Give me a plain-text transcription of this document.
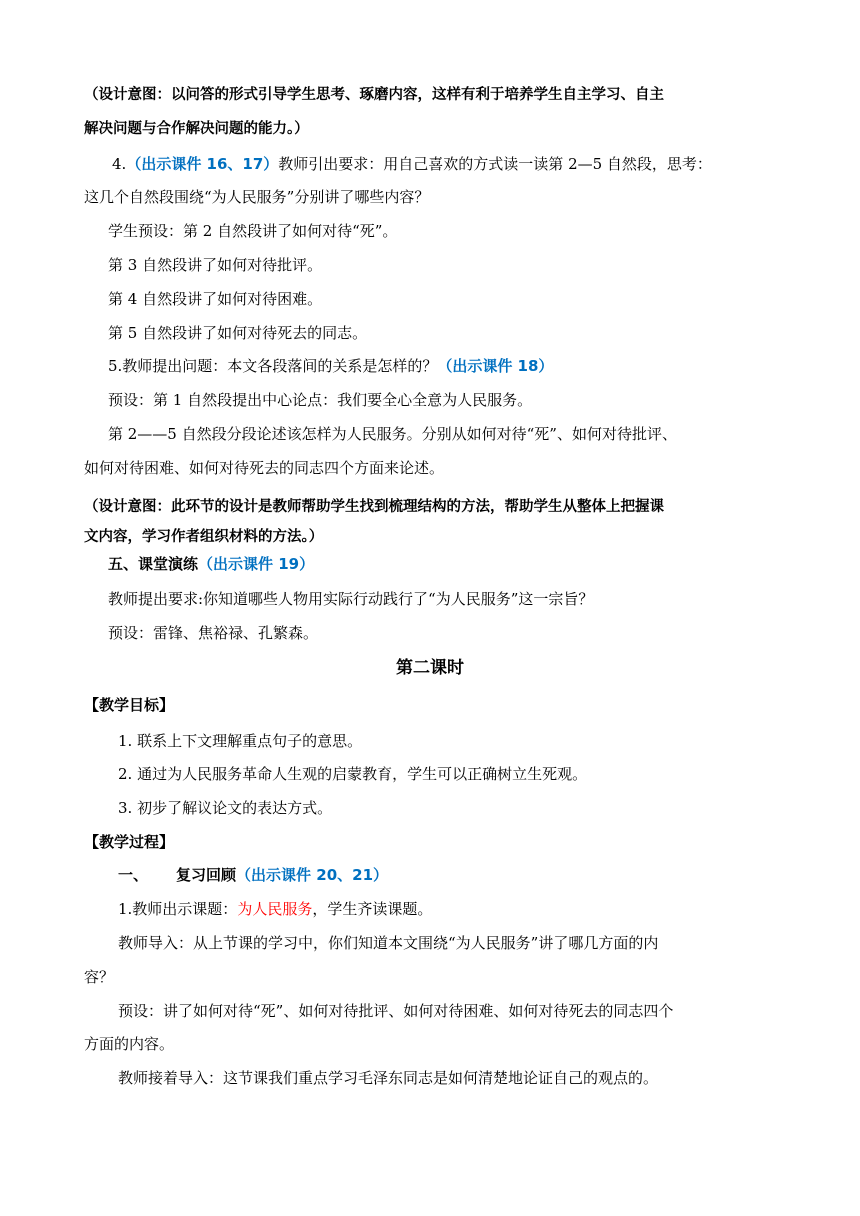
（设计意图：以问答的形式引导学生思考、琢磨内容，这样有利于培养学生自主学习、自主
解决问题与合作解决问题的能力。）
4.（出示课件 16、17）教师引出要求：用自己喜欢的方式读一读第 2—5 自然段，思考：
这几个自然段围绕“为人民服务”分别讲了哪些内容？
学生预设：第 2 自然段讲了如何对待“死”。
第 3 自然段讲了如何对待批评。
第 4 自然段讲了如何对待困难。
第 5 自然段讲了如何对待死去的同志。
5.教师提出问题：本文各段落间的关系是怎样的？（出示课件 18）
预设：第 1 自然段提出中心论点：我们要全心全意为人民服务。
第 2——5 自然段分段论述该怎样为人民服务。分别从如何对待“死”、如何对待批评、
如何对待困难、如何对待死去的同志四个方面来论述。
（设计意图：此环节的设计是教师帮助学生找到梳理结构的方法，帮助学生从整体上把握课
文内容，学习作者组织材料的方法。）
五、课堂演练（出示课件 19）
教师提出要求:你知道哪些人物用实际行动践行了“为人民服务”这一宗旨？
预设：雷锋、焦裕禄、孔繁森。
第二课时
【教学目标】
1. 联系上下文理解重点句子的意思。
2. 通过为人民服务革命人生观的启蒙教育，学生可以正确树立生死观。
3. 初步了解议论文的表达方式。
【教学过程】
一、 复习回顾（出示课件 20、21）
1.教师出示课题：为人民服务，学生齐读课题。
教师导入：从上节课的学习中，你们知道本文围绕“为人民服务”讲了哪几方面的内
容？
预设：讲了如何对待“死”、如何对待批评、如何对待困难、如何对待死去的同志四个
方面的内容。
教师接着导入：这节课我们重点学习毛泽东同志是如何清楚地论证自己的观点的。
